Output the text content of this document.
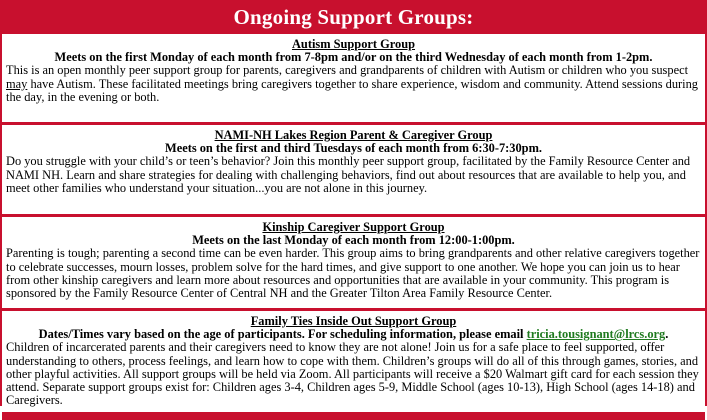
Ongoing Support Groups:
Autism Support Group
Meets on the first Monday of each month from 7-8pm and/or on the third Wednesday of each month from 1-2pm.
This is an open monthly peer support group for parents, caregivers and grandparents of children with Autism or children who you suspect may have Autism. These facilitated meetings bring caregivers together to share experience, wisdom and community. Attend sessions during the day, in the evening or both.
NAMI-NH Lakes Region Parent & Caregiver Group
Meets on the first and third Tuesdays of each month from 6:30-7:30pm.
Do you struggle with your child’s or teen’s behavior? Join this monthly peer support group, facilitated by the Family Resource Center and NAMI NH. Learn and share strategies for dealing with challenging behaviors, find out about resources that are available to help you, and meet other families who understand your situation...you are not alone in this journey.
Kinship Caregiver Support Group
Meets on the last Monday of each month from 12:00-1:00pm.
Parenting is tough; parenting a second time can be even harder. This group aims to bring grandparents and other relative caregivers together to celebrate successes, mourn losses, problem solve for the hard times, and give support to one another. We hope you can join us to hear from other kinship caregivers and learn more about resources and opportunities that are available in your community. This program is sponsored by the Family Resource Center of Central NH and the Greater Tilton Area Family Resource Center.
Family Ties Inside Out Support Group
Dates/Times vary based on the age of participants. For scheduling information, please email tricia.tousignant@lrcs.org.
Children of incarcerated parents and their caregivers need to know they are not alone! Join us for a safe place to feel supported, offer understanding to others, process feelings, and learn how to cope with them. Children’s groups will do all of this through games, stories, and other playful activities. All support groups will be held via Zoom. All participants will receive a $20 Walmart gift card for each session they attend. Separate support groups exist for: Children ages 3-4, Children ages 5-9, Middle School (ages 10-13), High School (ages 14-18) and Caregivers.
